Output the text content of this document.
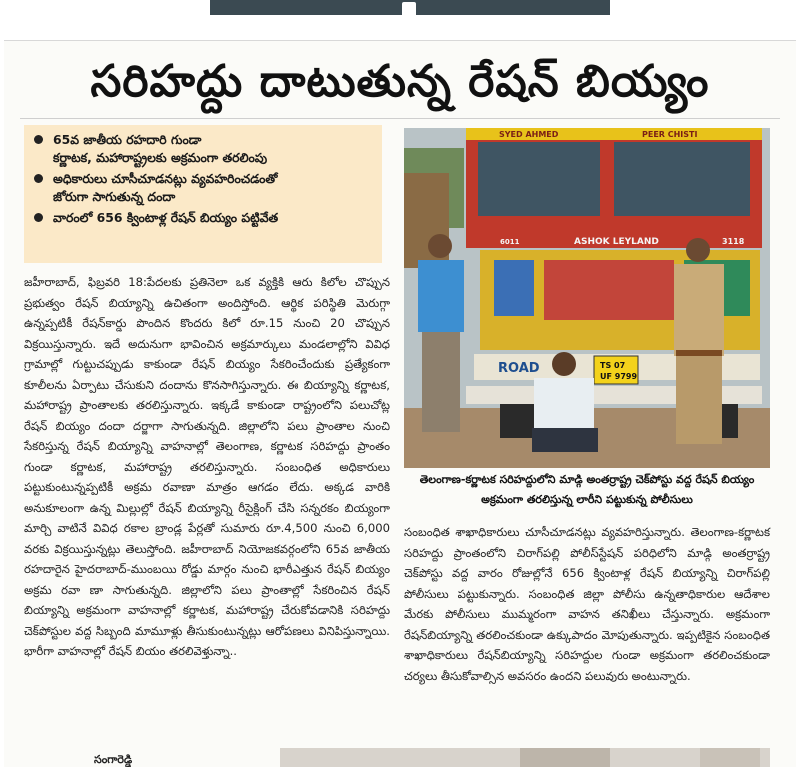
సరిహద్దు దాటుతున్న రేషన్ బియ్యం
65వ జాతీయ రహదారి గుండా
కర్ణాటక, మహారాష్ట్రలకు అక్రమంగా తరలింపు
అధికారులు చూసీచూడనట్లు వ్యవహరించడంతో
జోరుగా సాగుతున్న దందా
వారంలో 656 క్వింటాళ్ల రేషన్ బియ్యం పట్టివేత

జహీరాబాద్, ఫిబ్రవరి 18:పేదలకు ప్రతినెలా ఒక వ్యక్తికి ఆరు కిలోల చొప్పున ప్రభుత్వం రేషన్ బియ్యాన్ని ఉచితంగా అందిస్తోంది. ఆర్థిక పరిస్థితి మెరుగ్గా ఉన్నప్పటికీ రేషన్‌కార్డు పొందిన కొందరు కిలో రూ.15 నుంచి 20 చొప్పున విక్రయిస్తున్నారు. ఇదే అదునుగా భావించిన అక్రమార్కులు మండలాల్లోని వివిధ గ్రామాల్లో గుట్టుచప్పుడు కాకుండా రేషన్ బియ్యం సేకరించేందుకు ప్రత్యేకంగా కూలీలను ఏర్పాటు చేసుకుని దందాను కొనసాగిస్తున్నారు. ఈ బియ్యాన్ని కర్ణాటక, మహారాష్ట్ర ప్రాంతాలకు తరలిస్తున్నారు. ఇక్కడే కాకుండా రాష్ట్రంలోని పలుచోట్ల రేషన్ బియ్యం దందా దర్జాగా సాగుతున్నది. జిల్లాలోని పలు ప్రాంతాల నుంచి సేకరిస్తున్న రేషన్ బియ్యాన్ని వాహనాల్లో తెలంగాణ, కర్ణాటక సరిహద్దు ప్రాంతం గుండా కర్ణాటక, మహారాష్ట్ర తరలిస్తున్నారు. సంబంధిత అధికారులు పట్టుకుంటున్నప్పటికీ అక్రమ రవాణా మాత్రం ఆగడం లేదు. అక్కడ వారికి అనుకూలంగా ఉన్న మిల్లుల్లో రేషన్ బియ్యాన్ని రీసైక్లింగ్ చేసి సన్నరకం బియ్యంగా మార్చి వాటినే వివిధ రకాల బ్రాండ్ల పేర్లతో సుమారు రూ.4,500 నుంచి 6,000 వరకు విక్రయిస్తున్నట్లు తెలుస్తోంది. జహీరాబాద్ నియోజకవర్గంలోని 65వ జాతీయ రహదారైన హైదరాబాద్-ముంబయి రోడ్డు మార్గం నుంచి భారీఎత్తున రేషన్ బియ్యం అక్రమ రవా ణా సాగుతున్నది. జిల్లాలోని పలు ప్రాంతాల్లో సేకరించిన రేషన్ బియ్యాన్ని అక్రమంగా వాహనాల్లో కర్ణాటక, మహారాష్ట్ర చేరుకోవడానికి సరిహద్దు చెక్‌పోస్టుల వద్ద సిబ్బంది మామూళ్లు తీసుకుంటున్నట్లు ఆరోపణలు వినిపిస్తున్నాయి. భారీగా వాహనాల్లో రేషన్ బియం తరలివెళ్తున్నా..

SYED AHMED	PEER CHISTI
ASHOK LEYLAND
6011	3118
ROAD	TS 07 UF 9799
తెలంగాణ-కర్ణాటక సరిహద్దులోని మాడ్గి అంతర్రాష్ట్ర చెక్‌పోస్టు వద్ద రేషన్ బియ్యం అక్రమంగా తరలిస్తున్న లారీని పట్టుకున్న పోలీసులు

సంబంధిత శాఖాధికారులు చూసీచూడనట్లు వ్యవహరిస్తున్నారు. తెలంగాణ-కర్ణాటక సరిహద్దు ప్రాంతంలోని చిరాగ్‌పల్లి పోలీస్‌స్టేషన్ పరిధిలోని మాడ్గి అంతర్రాష్ట్ర చెక్‌పోస్టు వద్ద వారం రోజుల్లోనే 656 క్వింటాళ్ల రేషన్ బియ్యాన్ని చిరాగ్‌పల్లి పోలీసులు పట్టుకున్నారు. సంబంధిత జిల్లా పోలీసు ఉన్నతాధికారుల ఆదేశాల మేరకు పోలీసులు ముమ్మరంగా వాహన తనిఖీలు చేస్తున్నారు. అక్రమంగా రేషన్‌బియ్యాన్ని తరలించకుండా ఉక్కుపాదం మోపుతున్నారు. ఇప్పటికైన సంబంధిత శాఖాధికారులు రేషన్‌బియ్యాన్ని సరిహద్దుల గుండా అక్రమంగా తరలించకుండా చర్యలు తీసుకోవాల్సిన అవసరం ఉందని పలువురు అంటున్నారు.

సంగారెడ్డి
